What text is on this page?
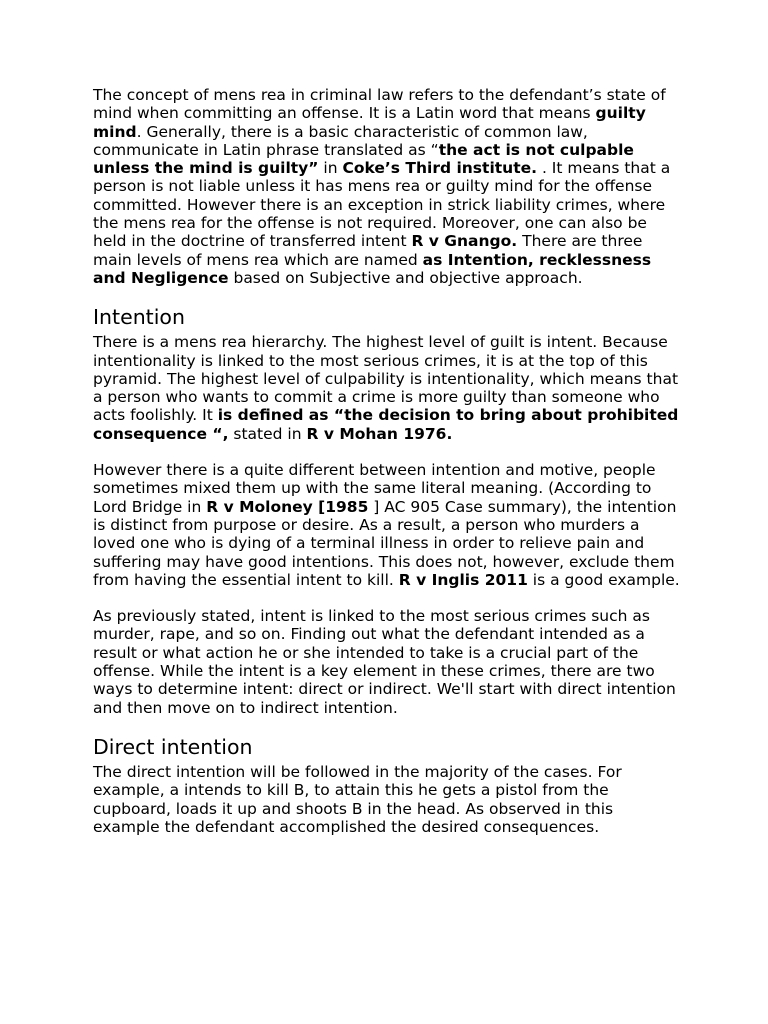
The concept of mens rea in criminal law refers to the defendant’s state of mind when committing an offense. It is a Latin word that means guilty mind. Generally, there is a basic characteristic of common law, communicate in Latin phrase translated as “the act is not culpable unless the mind is guilty” in Coke’s Third institute. . It means that a person is not liable unless it has mens rea or guilty mind for the offense committed. However there is an exception in strick liability crimes, where the mens rea for the offense is not required. Moreover, one can also be held in the doctrine of transferred intent R v Gnango. There are three main levels of mens rea which are named as Intention, recklessness and Negligence based on Subjective and objective approach.

Intention

There is a mens rea hierarchy. The highest level of guilt is intent. Because intentionality is linked to the most serious crimes, it is at the top of this pyramid. The highest level of culpability is intentionality, which means that a person who wants to commit a crime is more guilty than someone who acts foolishly. It is defined as “the decision to bring about prohibited consequence “, stated in R v Mohan 1976.

However there is a quite different between intention and motive, people sometimes mixed them up with the same literal meaning. (According to Lord Bridge in R v Moloney [1985 ] AC 905 Case summary), the intention is distinct from purpose or desire. As a result, a person who murders a loved one who is dying of a terminal illness in order to relieve pain and suffering may have good intentions. This does not, however, exclude them from having the essential intent to kill. R v Inglis 2011 is a good example.

As previously stated, intent is linked to the most serious crimes such as murder, rape, and so on. Finding out what the defendant intended as a result or what action he or she intended to take is a crucial part of the offense. While the intent is a key element in these crimes, there are two ways to determine intent: direct or indirect. We'll start with direct intention and then move on to indirect intention.

Direct intention

The direct intention will be followed in the majority of the cases. For example, a intends to kill B, to attain this he gets a pistol from the cupboard, loads it up and shoots B in the head. As observed in this example the defendant accomplished the desired consequences.
